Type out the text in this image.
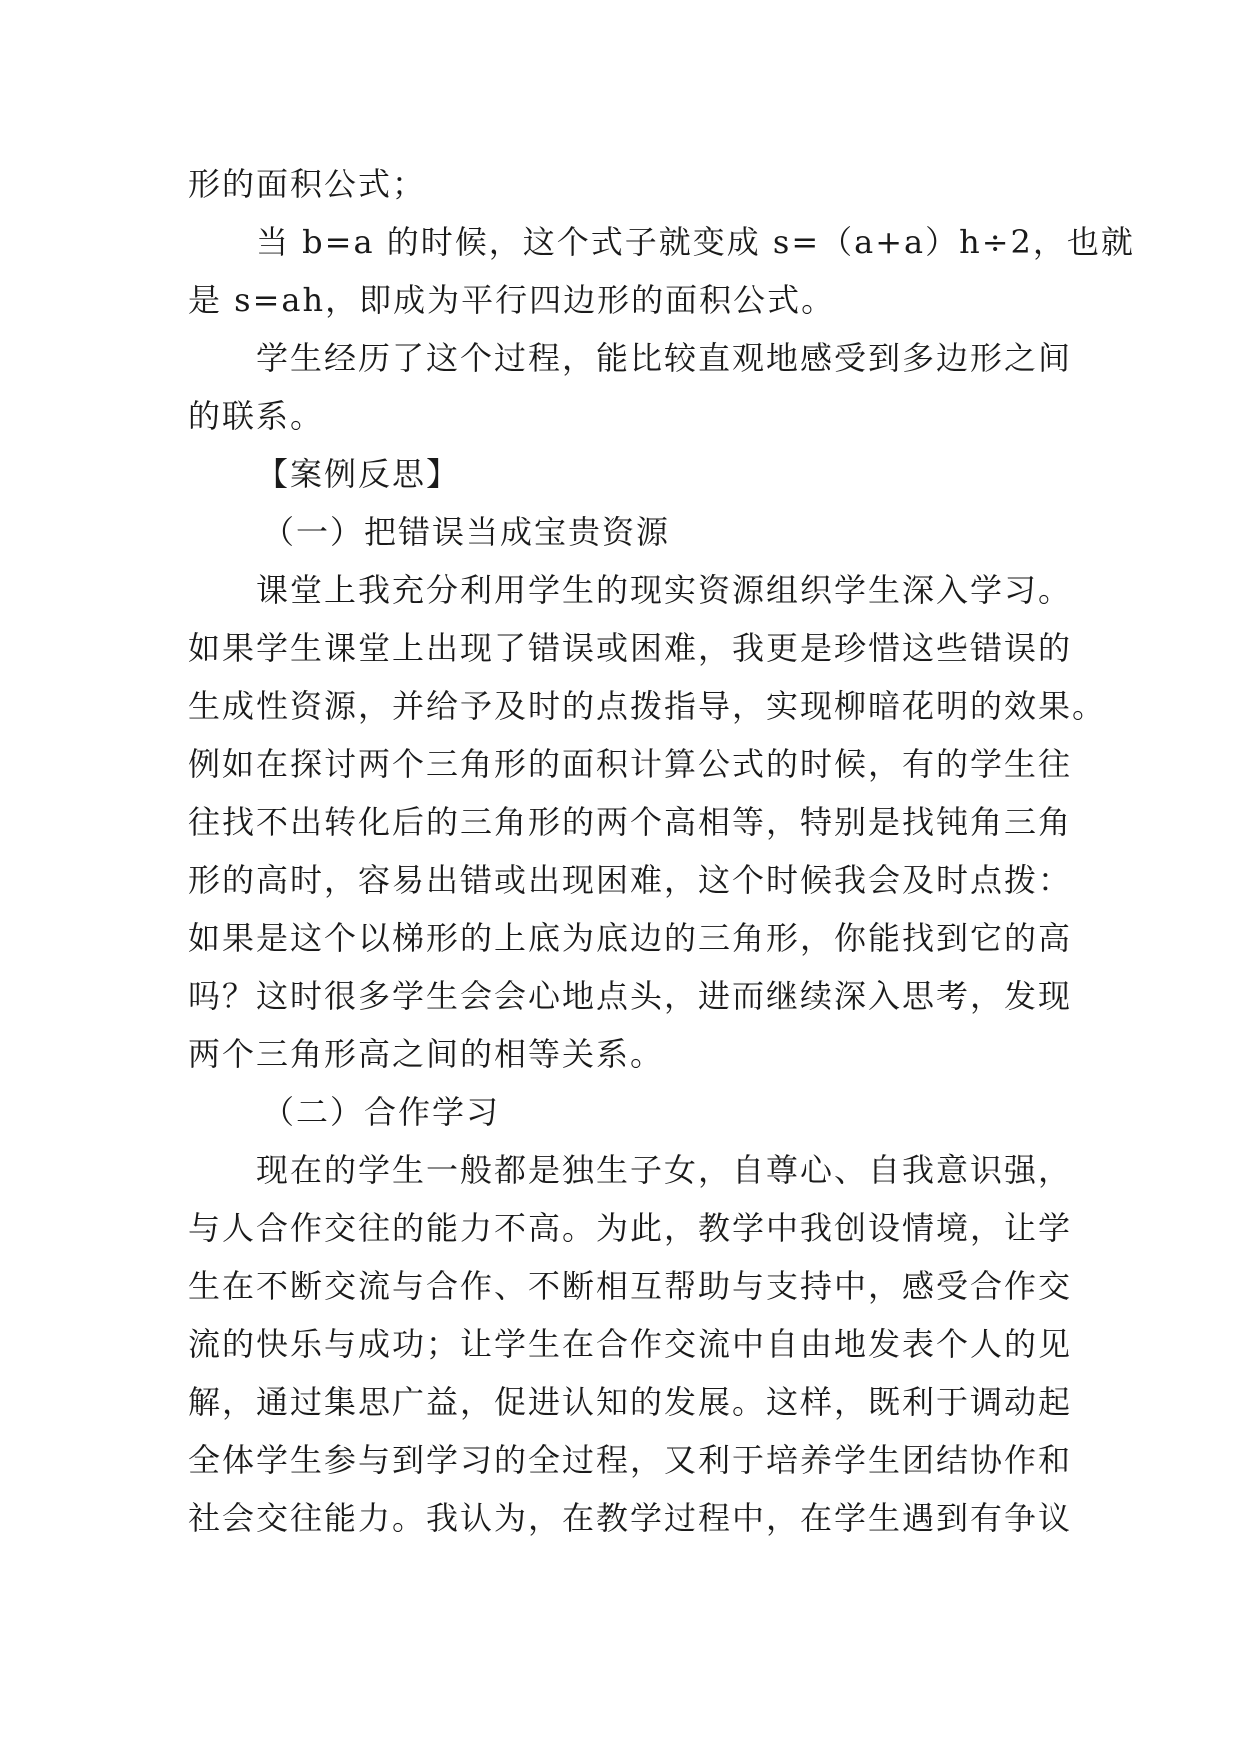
形的面积公式；
当 b=a 的时候，这个式子就变成 s=（a+a）h÷2，也就
是 s=ah，即成为平行四边形的面积公式。
学生经历了这个过程，能比较直观地感受到多边形之间
的联系。
【案例反思】
（一）把错误当成宝贵资源
课堂上我充分利用学生的现实资源组织学生深入学习。
如果学生课堂上出现了错误或困难，我更是珍惜这些错误的
生成性资源，并给予及时的点拨指导，实现柳暗花明的效果。
例如在探讨两个三角形的面积计算公式的时候，有的学生往
往找不出转化后的三角形的两个高相等，特别是找钝角三角
形的高时，容易出错或出现困难，这个时候我会及时点拨：
如果是这个以梯形的上底为底边的三角形，你能找到它的高
吗？这时很多学生会会心地点头，进而继续深入思考，发现
两个三角形高之间的相等关系。
（二）合作学习
现在的学生一般都是独生子女，自尊心、自我意识强，
与人合作交往的能力不高。为此，教学中我创设情境，让学
生在不断交流与合作、不断相互帮助与支持中，感受合作交
流的快乐与成功；让学生在合作交流中自由地发表个人的见
解，通过集思广益，促进认知的发展。这样，既利于调动起
全体学生参与到学习的全过程，又利于培养学生团结协作和
社会交往能力。我认为，在教学过程中，在学生遇到有争议
